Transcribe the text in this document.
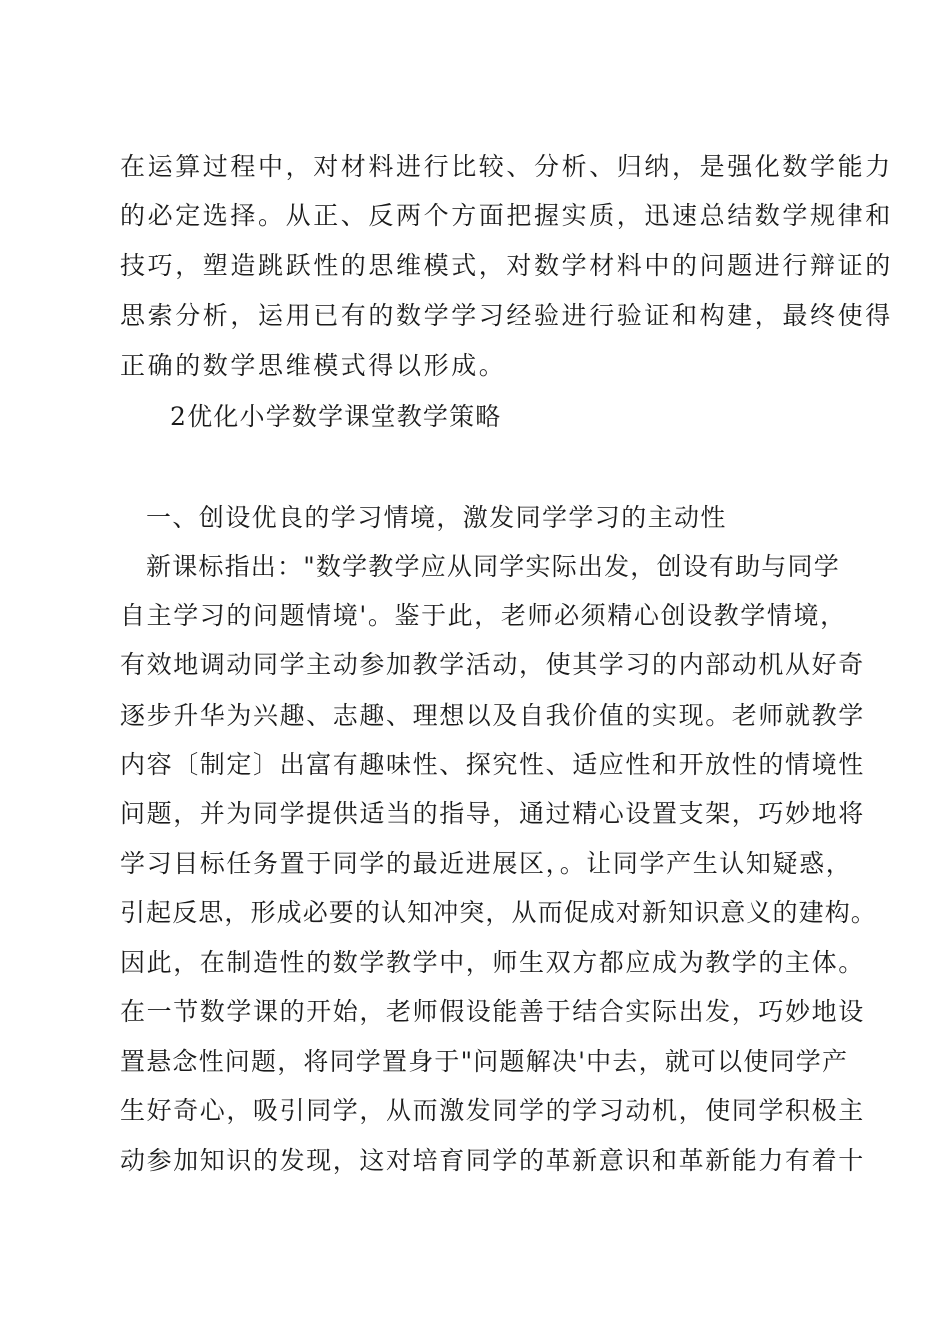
在运算过程中，对材料进行比较、分析、归纳，是强化数学能力
的必定选择。从正、反两个方面把握实质，迅速总结数学规律和
技巧，塑造跳跃性的思维模式，对数学材料中的问题进行辩证的
思索分析，运用已有的数学学习经验进行验证和构建，最终使得
正确的数学思维模式得以形成。
2优化小学数学课堂教学策略
一、创设优良的学习情境，激发同学学习的主动性
新课标指出："数学教学应从同学实际出发，创设有助与同学
自主学习的问题情境'。鉴于此，老师必须精心创设教学情境，
有效地调动同学主动参加教学活动，使其学习的内部动机从好奇
逐步升华为兴趣、志趣、理想以及自我价值的实现。老师就教学
内容〔制定〕出富有趣味性、探究性、适应性和开放性的情境性
问题，并为同学提供适当的指导，通过精心设置支架，巧妙地将
学习目标任务置于同学的最近进展区，。让同学产生认知疑惑，
引起反思，形成必要的认知冲突，从而促成对新知识意义的建构。
因此，在制造性的数学教学中，师生双方都应成为教学的主体。
在一节数学课的开始，老师假设能善于结合实际出发，巧妙地设
置悬念性问题，将同学置身于"问题解决'中去，就可以使同学产
生好奇心，吸引同学，从而激发同学的学习动机，使同学积极主
动参加知识的发现，这对培育同学的革新意识和革新能力有着十
